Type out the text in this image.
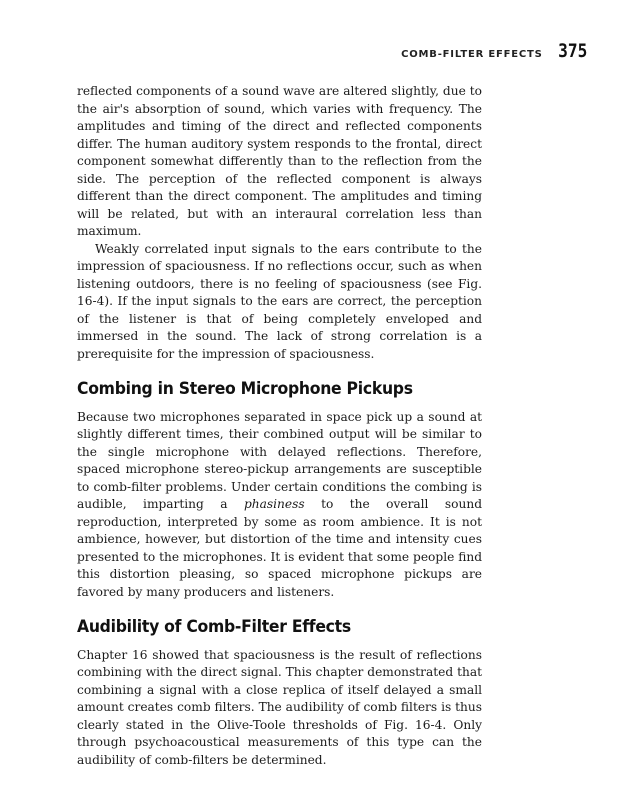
COMB-FILTER EFFECTS 375

reflected components of a sound wave are altered slightly, due to the air's absorption of sound, which varies with frequency. The amplitudes and timing of the direct and reflected components differ. The human auditory system responds to the frontal, direct component somewhat differently than to the reflection from the side. The perception of the reflected component is always different than the direct component. The amplitudes and timing will be related, but with an interaural correlation less than maximum.

Weakly correlated input signals to the ears contribute to the impression of spaciousness. If no reflections occur, such as when listening outdoors, there is no feeling of spaciousness (see Fig. 16-4). If the input signals to the ears are correct, the perception of the listener is that of being completely enveloped and immersed in the sound. The lack of strong correlation is a prerequisite for the impression of spaciousness.

Combing in Stereo Microphone Pickups

Because two microphones separated in space pick up a sound at slightly different times, their combined output will be similar to the single microphone with delayed reflections. Therefore, spaced microphone stereo-pickup arrangements are susceptible to comb-filter problems. Under certain conditions the combing is audible, imparting a phasiness to the overall sound reproduction, interpreted by some as room ambience. It is not ambience, however, but distortion of the time and intensity cues presented to the microphones. It is evident that some people find this distortion pleasing, so spaced microphone pickups are favored by many producers and listeners.

Audibility of Comb-Filter Effects

Chapter 16 showed that spaciousness is the result of reflections combining with the direct signal. This chapter demonstrated that combining a signal with a close replica of itself delayed a small amount creates comb filters. The audibility of comb filters is thus clearly stated in the Olive-Toole thresholds of Fig. 16-4. Only through psychoacoustical measurements of this type can the audibility of comb-filters be determined.
